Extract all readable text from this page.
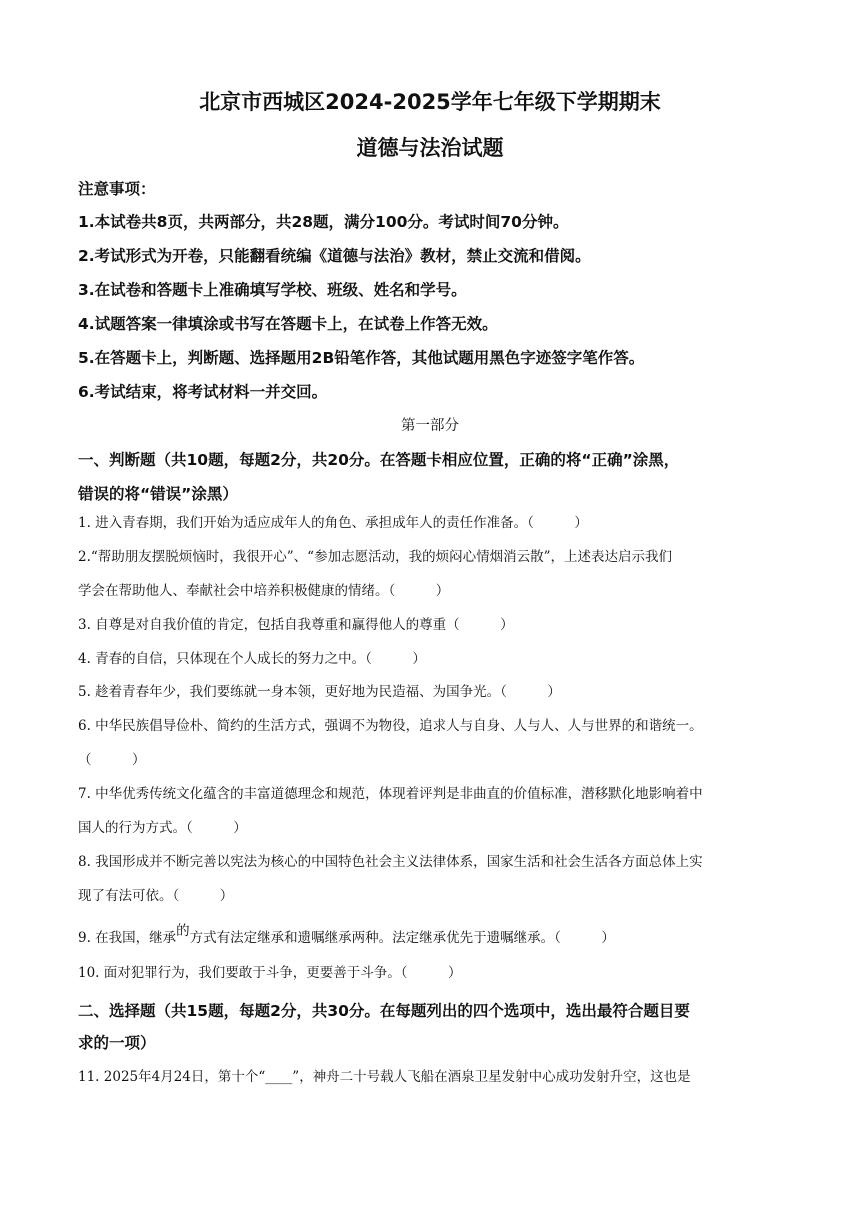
北京市西城区2024-2025学年七年级下学期期末
道德与法治试题
注意事项：
1.本试卷共8页，共两部分，共28题，满分100分。考试时间70分钟。
2.考试形式为开卷，只能翻看统编《道德与法治》教材，禁止交流和借阅。
3.在试卷和答题卡上准确填写学校、班级、姓名和学号。
4.试题答案一律填涂或书写在答题卡上，在试卷上作答无效。
5.在答题卡上，判断题、选择题用2B铅笔作答，其他试题用黑色字迹签字笔作答。
6.考试结束，将考试材料一并交回。
第一部分
一、判断题（共10题，每题2分，共20分。在答题卡相应位置，正确的将“正确”涂黑，
错误的将“错误”涂黑）
1. 进入青春期，我们开始为适应成年人的角色、承担成年人的责任作准备。（　　　）
2.“帮助朋友摆脱烦恼时，我很开心”、“参加志愿活动，我的烦闷心情烟消云散”，上述表达启示我们
学会在帮助他人、奉献社会中培养积极健康的情绪。（　　　）
3. 自尊是对自我价值的肯定，包括自我尊重和赢得他人的尊重（　　　）
4. 青春的自信，只体现在个人成长的努力之中。（　　　）
5. 趁着青春年少，我们要练就一身本领，更好地为民造福、为国争光。（　　　）
6. 中华民族倡导俭朴、简约的生活方式，强调不为物役，追求人与自身、人与人、人与世界的和谐统一。
（　　　）
7. 中华优秀传统文化蕴含的丰富道德理念和规范，体现着评判是非曲直的价值标准，潜移默化地影响着中
国人的行为方式。（　　　）
8. 我国形成并不断完善以宪法为核心的中国特色社会主义法律体系，国家生活和社会生活各方面总体上实
现了有法可依。（　　　）
9. 在我国，继承的方式有法定继承和遗嘱继承两种。法定继承优先于遗嘱继承。（　　　）
10. 面对犯罪行为，我们要敢于斗争，更要善于斗争。（　　　）
二、选择题（共15题，每题2分，共30分。在每题列出的四个选项中，选出最符合题目要
求的一项）
11. 2025年4月24日，第十个“____”，神舟二十号载人飞船在酒泉卫星发射中心成功发射升空，这也是
